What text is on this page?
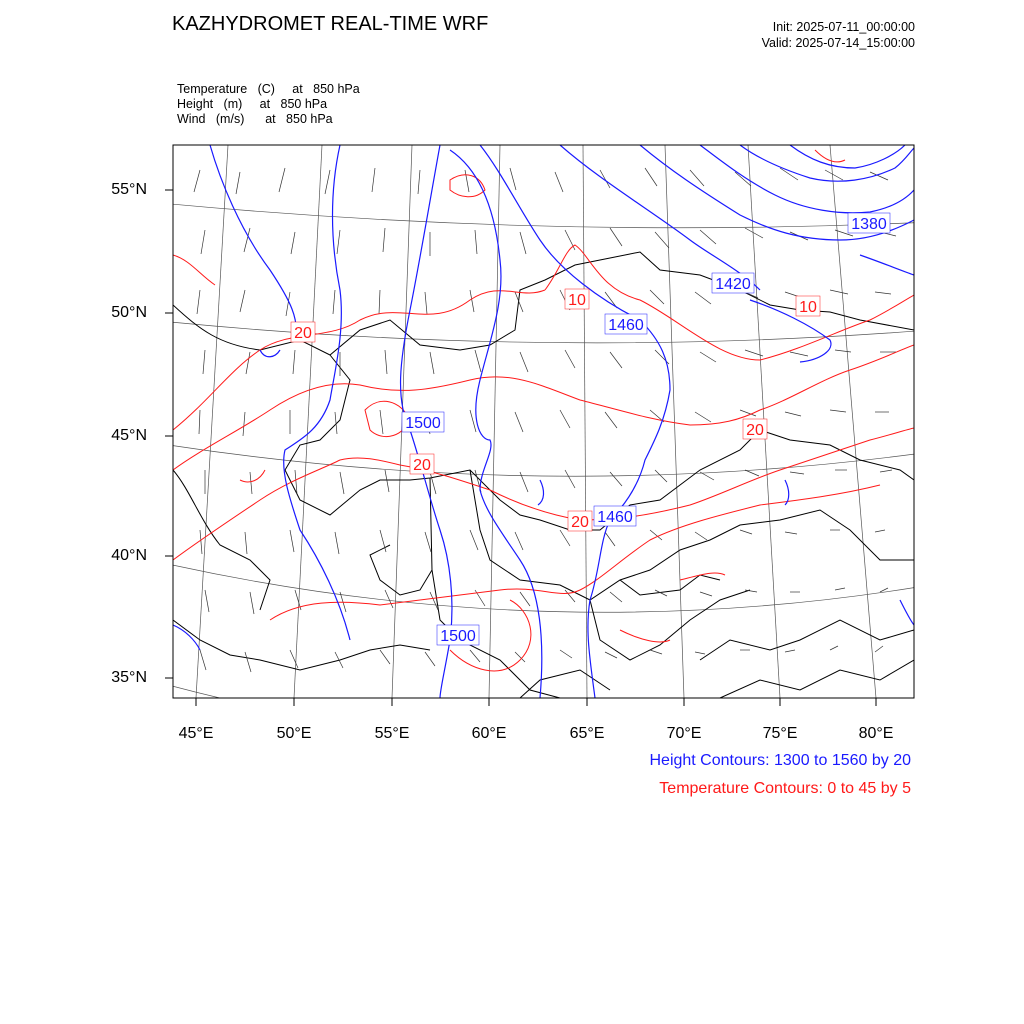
KAZHYDROMET REAL-TIME WRF	Init: 2025-07-11_00:00:00
Valid: 2025-07-14_15:00:00
Temperature   (C)     at   850 hPa
Height   (m)     at   850 hPa
Wind   (m/s)      at   850 hPa
1380
1420
1460
1500
1460
1500
10	10
20
20
20
20
45°E	50°E	55°E	60°E	65°E	70°E	75°E	80°E
55°N
50°N
45°N
40°N
35°N
Height Contours: 1300 to 1560 by 20
Temperature Contours: 0 to 45 by 5
